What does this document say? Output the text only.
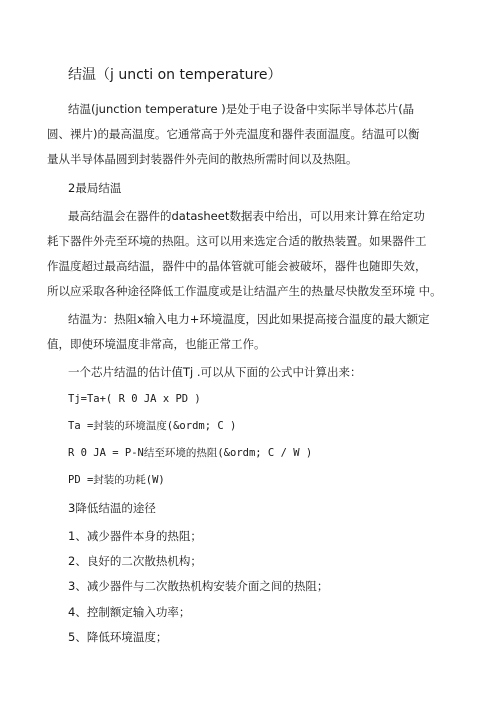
结温（j uncti on temperature）
结温(junction temperature )是处于电子设备中实际半导体芯片(晶
圆、裸片)的最高温度。它通常高于外壳温度和器件表面温度。结温可以衡
量从半导体晶圆到封装器件外壳间的散热所需时间以及热阻。
2最局结温
最高结温会在器件的datasheet数据表中给出，可以用来计算在给定功
耗下器件外壳至环境的热阻。这可以用来选定合适的散热装置。如果器件工
作温度超过最高结温，器件中的晶体管就可能会被破坏，器件也随即失效，
所以应采取各种途径降低工作温度或是让结温产生的热量尽快散发至环境 中。
结温为：热阻x输入电力+环境温度，因此如果提高接合温度的最大额定
值，即使环境温度非常高，也能正常工作。
一个芯片结温的估计值Tj .可以从下面的公式中计算出来：
Tj=Ta+( R 0 JA x PD )
Ta =封装的环境温度(&ordm; C )
R 0 JA = P-N结至环境的热阻(&ordm; C / W )
PD =封装的功耗(W)
3降低结温的途径
1、减少器件本身的热阻；
2、良好的二次散热机构；
3、减少器件与二次散热机构安装介面之间的热阻；
4、控制额定输入功率；
5、降低环境温度；
